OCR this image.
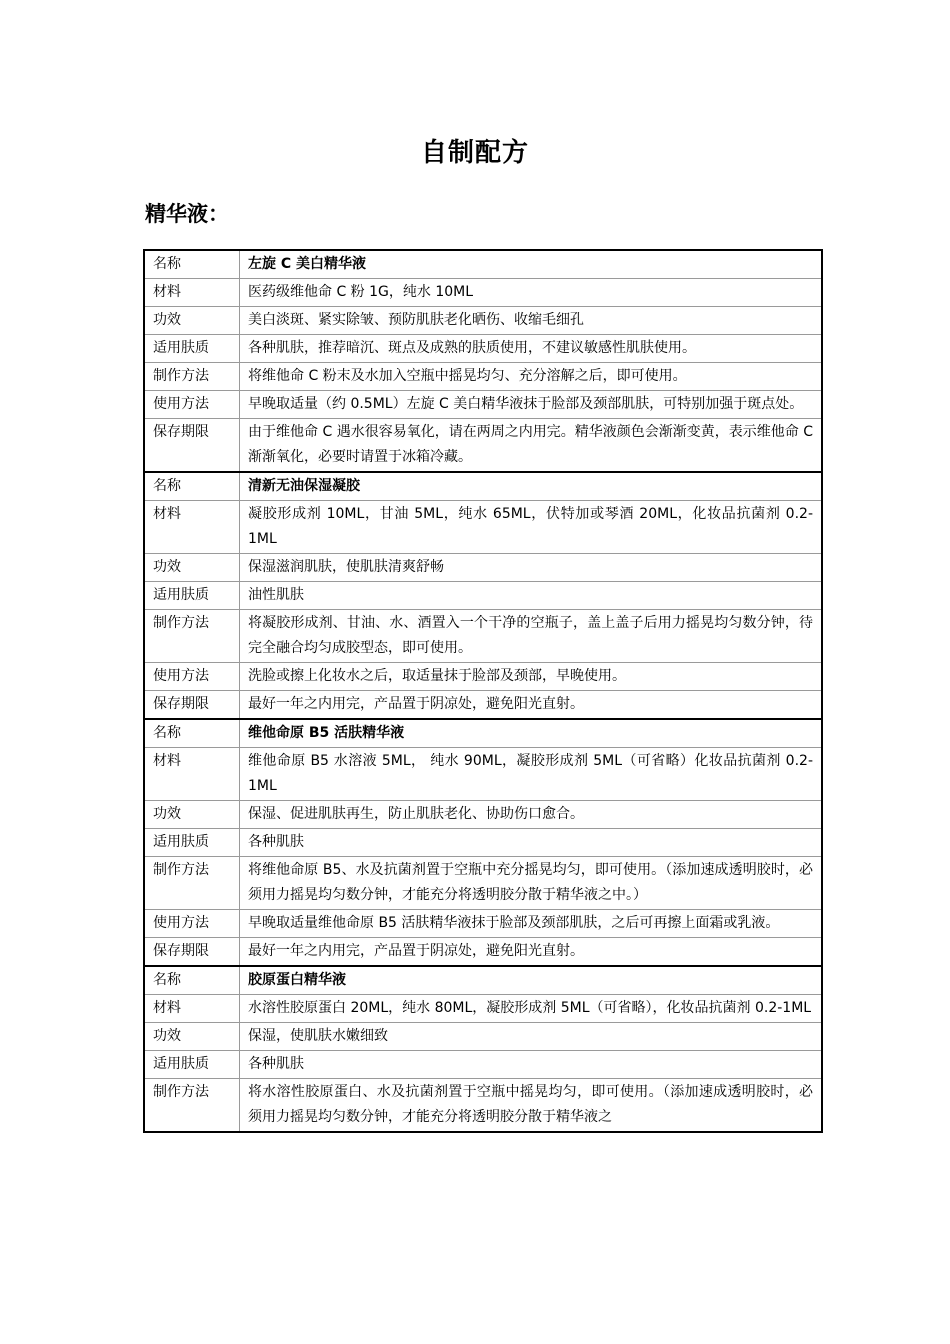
自制配方
精华液：
名称	左旋 C 美白精华液
材料	医药级维他命 C 粉 1G，纯水 10ML
功效	美白淡斑、紧实除皱、预防肌肤老化晒伤、收缩毛细孔
适用肤质	各种肌肤，推荐暗沉、斑点及成熟的肤质使用，不建议敏感性肌肤使用。
制作方法	将维他命 C 粉末及水加入空瓶中摇晃均匀、充分溶解之后，即可使用。
使用方法	早晚取适量（约 0.5ML）左旋 C 美白精华液抹于脸部及颈部肌肤，可特别加强于斑点处。
保存期限	由于维他命 C 遇水很容易氧化，请在两周之内用完。精华液颜色会渐渐变黄，表示维他命 C 渐渐氧化，必要时请置于冰箱冷藏。
名称	清新无油保湿凝胶
材料	凝胶形成剂 10ML，甘油 5ML，纯水 65ML，伏特加或琴酒 20ML，化妆品抗菌剂 0.2-1ML
功效	保湿滋润肌肤，使肌肤清爽舒畅
适用肤质	油性肌肤
制作方法	将凝胶形成剂、甘油、水、酒置入一个干净的空瓶子，盖上盖子后用力摇晃均匀数分钟，待完全融合均匀成胶型态，即可使用。
使用方法	洗脸或擦上化妆水之后，取适量抹于脸部及颈部，早晚使用。
保存期限	最好一年之内用完，产品置于阴凉处，避免阳光直射。
名称	维他命原 B5 活肤精华液
材料	维他命原 B5 水溶液 5ML， 纯水 90ML，凝胶形成剂 5ML（可省略）化妆品抗菌剂 0.2-1ML
功效	保湿、促进肌肤再生，防止肌肤老化、协助伤口愈合。
适用肤质	各种肌肤
制作方法	将维他命原 B5、水及抗菌剂置于空瓶中充分摇晃均匀，即可使用。（添加速成透明胶时，必须用力摇晃均匀数分钟，才能充分将透明胶分散于精华液之中。）
使用方法	早晚取适量维他命原 B5 活肤精华液抹于脸部及颈部肌肤，之后可再擦上面霜或乳液。
保存期限	最好一年之内用完，产品置于阴凉处，避免阳光直射。
名称	胶原蛋白精华液
材料	水溶性胶原蛋白 20ML，纯水 80ML，凝胶形成剂 5ML（可省略），化妆品抗菌剂 0.2-1ML
功效	保湿，使肌肤水嫩细致
适用肤质	各种肌肤
制作方法	将水溶性胶原蛋白、水及抗菌剂置于空瓶中摇晃均匀，即可使用。（添加速成透明胶时，必须用力摇晃均匀数分钟，才能充分将透明胶分散于精华液之
